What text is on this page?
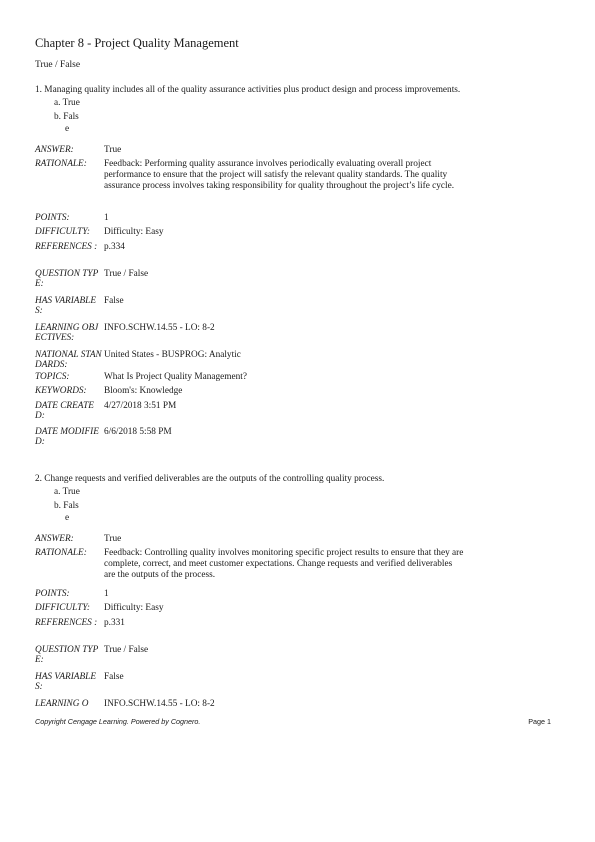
Chapter 8 - Project Quality Management
True / False

1. Managing quality includes all of the quality assurance activities plus product design and process improvements.

a. True
b. Fals
e
ANSWER:	True
RATIONALE:	Feedback: Performing quality assurance involves periodically evaluating overall project performance to ensure that the project will satisfy the relevant quality standards. The quality assurance process involves taking responsibility for quality throughout the project’s life cycle.
POINTS:	1
DIFFICULTY:	Difficulty: Easy
REFERENCES : p.334
QUESTION TYPE:
True / False
HAS VARIABLES:
False
LEARNING OBJECTIVES:
INFO.SCHW.14.55 - LO: 8-2
NATIONAL STANDARDS:
United States - BUSPROG: Analytic
TOPICS:	What Is Project Quality Management?
KEYWORDS:	Bloom's: Knowledge
DATE CREATED:
4/27/2018 3:51 PM
DATE MODIFIED:
6/6/2018 5:58 PM

2. Change requests and verified deliverables are the outputs of the controlling quality process.

a. True
b. Fals
e
ANSWER:	True
RATIONALE:	Feedback: Controlling quality involves monitoring specific project results to ensure that they are complete, correct, and meet customer expectations. Change requests and verified deliverables are the outputs of the process.
POINTS:	1
DIFFICULTY:	Difficulty: Easy
REFERENCES : p.331
QUESTION TYPE:
True / False
HAS VARIABLES:
False
LEARNING O	INFO.SCHW.14.55 - LO: 8-2
Copyright Cengage Learning. Powered by Cognero.	Page 1
